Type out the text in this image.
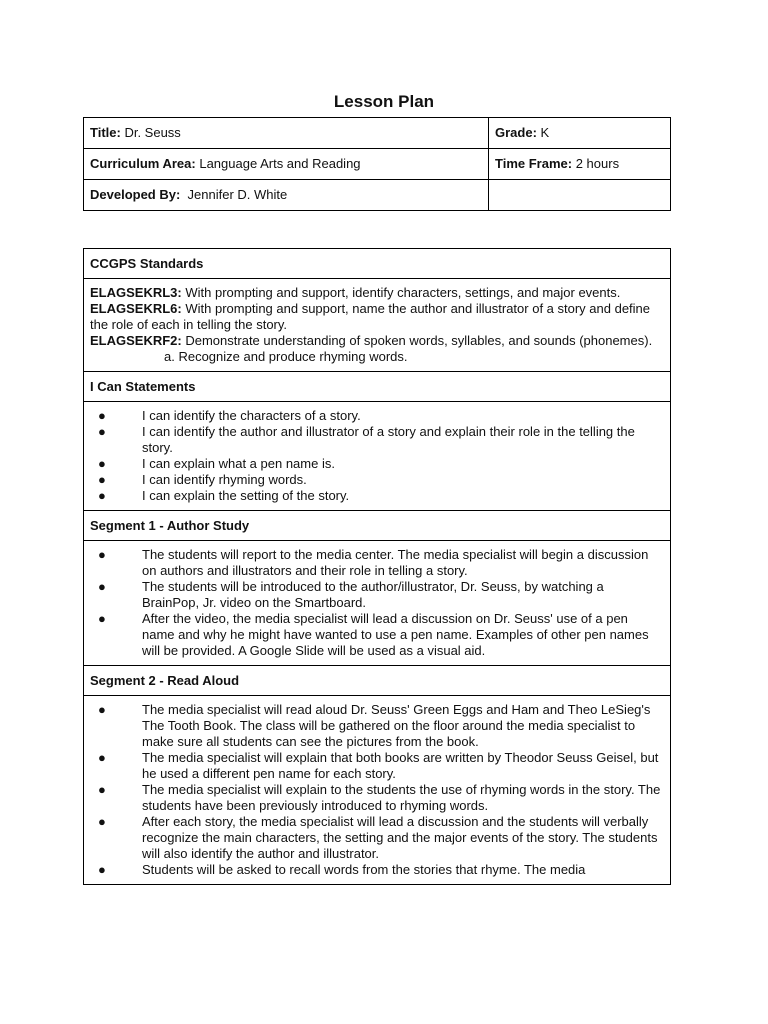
Lesson Plan
Title: Dr. Seuss	Grade: K
Curriculum Area: Language Arts and Reading	Time Frame: 2 hours
Developed By: Jennifer D. White	
CCGPS Standards

ELAGSEKRL3: With prompting and support, identify characters, settings, and major events.
ELAGSEKRL6: With prompting and support, name the author and illustrator of a story and define the role of each in telling the story.
ELAGSEKRF2: Demonstrate understanding of spoken words, syllables, and sounds (phonemes).
a. Recognize and produce rhyming words.

I Can Statements

●	I can identify the characters of a story.
●	I can identify the author and illustrator of a story and explain their role in the telling the story.
●	I can explain what a pen name is.
●	I can identify rhyming words.
●	I can explain the setting of the story.

Segment 1 - Author Study

●	The students will report to the media center. The media specialist will begin a discussion on authors and illustrators and their role in telling a story.
●	The students will be introduced to the author/illustrator, Dr. Seuss, by watching a BrainPop, Jr. video on the Smartboard.
●	After the video, the media specialist will lead a discussion on Dr. Seuss' use of a pen name and why he might have wanted to use a pen name. Examples of other pen names will be provided. A Google Slide will be used as a visual aid.

Segment 2 - Read Aloud

●	The media specialist will read aloud Dr. Seuss' Green Eggs and Ham and Theo LeSieg's The Tooth Book. The class will be gathered on the floor around the media specialist to make sure all students can see the pictures from the book.
●	The media specialist will explain that both books are written by Theodor Seuss Geisel, but he used a different pen name for each story.
●	The media specialist will explain to the students the use of rhyming words in the story. The students have been previously introduced to rhyming words.
●	After each story, the media specialist will lead a discussion and the students will verbally recognize the main characters, the setting and the major events of the story. The students will also identify the author and illustrator.
●	Students will be asked to recall words from the stories that rhyme. The media
